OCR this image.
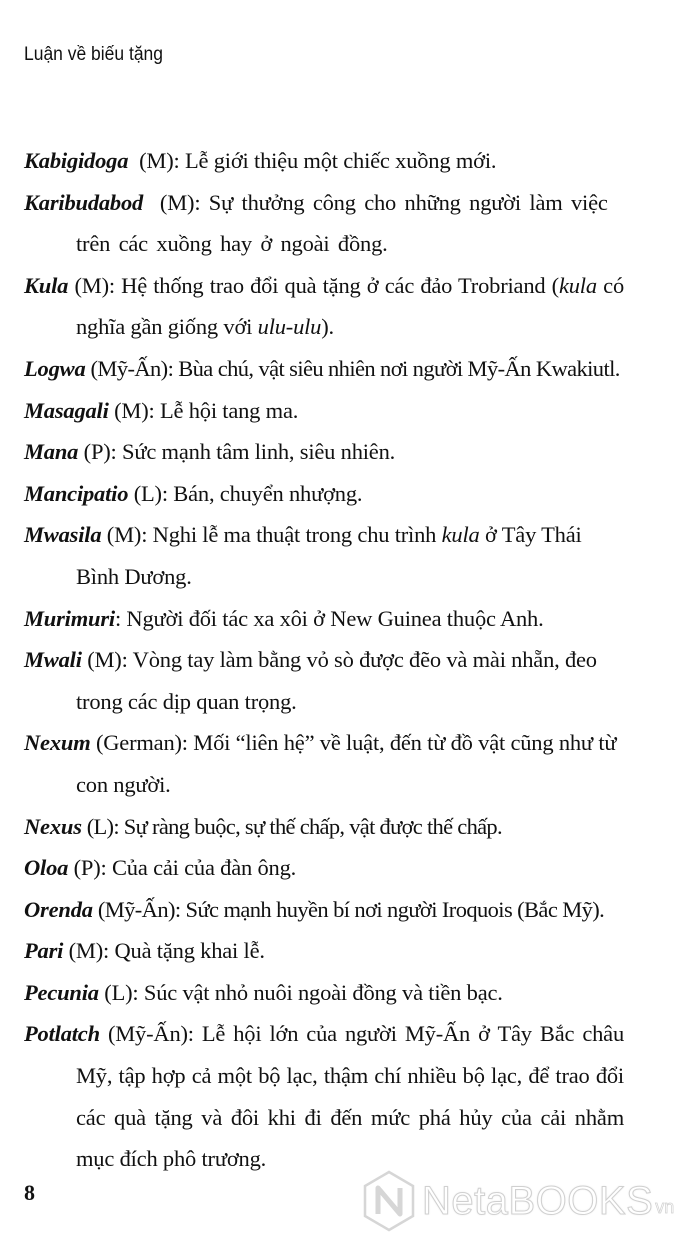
Luận về biếu tặng

Kabigidoga  (M): Lễ giới thiệu một chiếc xuồng mới.

Karibudabod  (M): Sự thưởng công cho những người làm việc trên các xuồng hay ở ngoài đồng.

Kula (M): Hệ thống trao đổi quà tặng ở các đảo Trobriand (kula có nghĩa gần giống với ulu-ulu).

Logwa (Mỹ-Ấn): Bùa chú, vật siêu nhiên nơi người Mỹ-Ấn Kwakiutl.

Masagali (M): Lễ hội tang ma.

Mana (P): Sức mạnh tâm linh, siêu nhiên.

Mancipatio (L): Bán, chuyển nhượng.

Mwasila (M): Nghi lễ ma thuật trong chu trình kula ở Tây Thái Bình Dương.

Murimuri: Người đối tác xa xôi ở New Guinea thuộc Anh.

Mwali (M): Vòng tay làm bằng vỏ sò được đẽo và mài nhẵn, đeo trong các dịp quan trọng.

Nexum (German): Mối “liên hệ” về luật, đến từ đồ vật cũng như từ con người.

Nexus (L): Sự ràng buộc, sự thế chấp, vật được thế chấp.

Oloa (P): Của cải của đàn ông.

Orenda (Mỹ-Ấn): Sức mạnh huyền bí nơi người Iroquois (Bắc Mỹ).

Pari (M): Quà tặng khai lễ.

Pecunia (L): Súc vật nhỏ nuôi ngoài đồng và tiền bạc.

Potlatch (Mỹ-Ấn): Lễ hội lớn của người Mỹ-Ấn ở Tây Bắc châu Mỹ, tập hợp cả một bộ lạc, thậm chí nhiều bộ lạc, để trao đổi các quà tặng và đôi khi đi đến mức phá hủy của cải nhằm mục đích phô trương.

8	NetaBOOKS vn
